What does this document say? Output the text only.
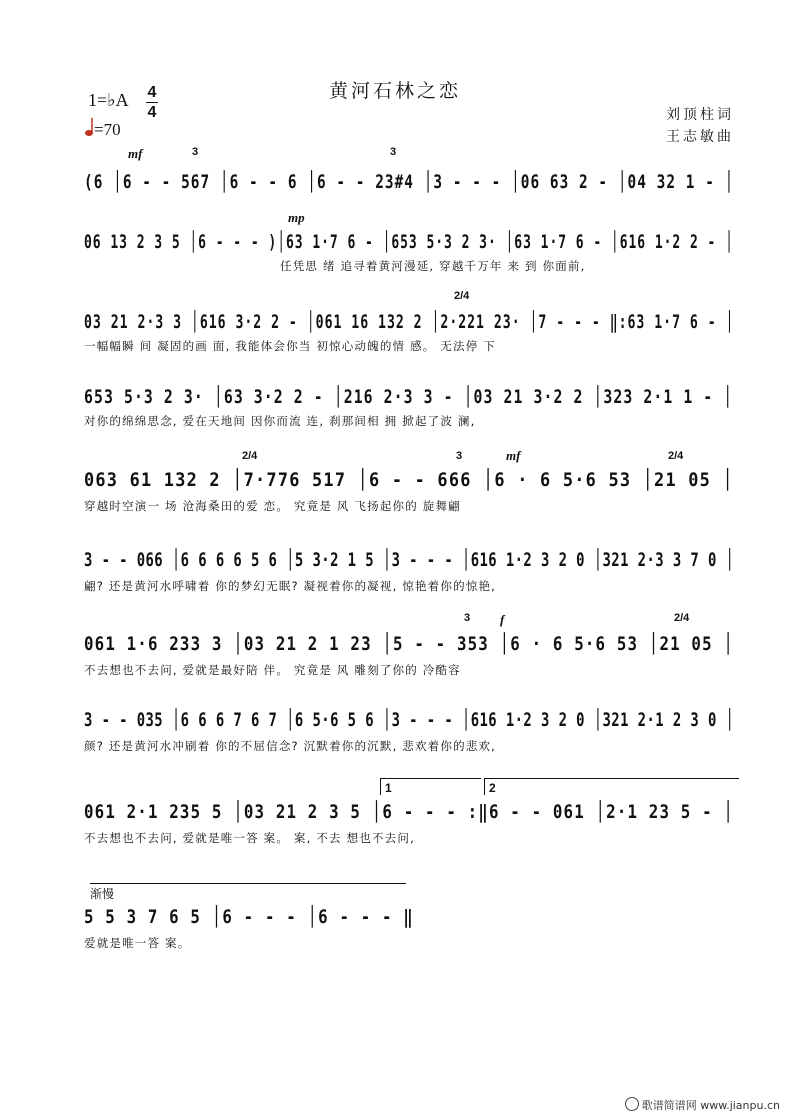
黄河石林之恋
刘顶柱词
王志敏曲
1=♭A 4
4
=70
mf	3	3
(6 │6 - - 567 │6 - - 6 │6 - - 23#4 │3 - - - │06 63 2 - │04 32 1 - │
mp
06 13 2 3 5 │6 - - - )│63 1·7 6 - │653 5·3 2 3· │63 1·7 6 - │616 1·2 2 - │
任凭思 绪 追寻着黄河漫延, 穿越千万年 来 到 你面前,
2/4
03 21 2·3 3 │616 3·2 2 - │061 16 132 2 │2·221 23· │7 - - - ‖:63 1·7 6 - │
一幅幅瞬 间 凝固的画 面, 我能体会你当 初惊心动魄的情 感。 无法停 下
653 5·3 2 3· │63 3·2 2 - │216 2·3 3 - │03 21 3·2 2 │323 2·1 1 - │
对你的绵绵思念, 爱在天地间 因你而流 连, 刹那间相 拥 掀起了波 澜,
2/4	3	mf	2/4
063 61 132 2 │7·776 517 │6 - - 666 │6 · 6 5·6 53 │21 05 │
穿越时空演一 场 沧海桑田的爱 恋。 究竟是 风 飞扬起你的 旋舞翩
3 - - 066 │6 6 6 6 5 6 │5 3·2 1 5 │3 - - - │616 1·2 3 2 0 │321 2·3 3 7 0 │
翩? 还是黄河水呼啸着 你的梦幻无眠? 凝视着你的凝视, 惊艳着你的惊艳,
3 f	2/4
061 1·6 233 3 │03 21 2 1 23 │5 - - 353 │6 · 6 5·6 53 │21 05 │
不去想也不去问, 爱就是最好陪 伴。 究竟是 风 雕刻了你的 冷酷容
3 - - 035 │6 6 6 7 6 7 │6 5·6 5 6 │3 - - - │616 1·2 3 2 0 │321 2·1 2 3 0 │
颜? 还是黄河水冲刷着 你的不屈信念? 沉默着你的沉默, 悲欢着你的悲欢,
1	2
061 2·1 235 5 │03 21 2 3 5 │6 - - - :‖6 - - 061 │2·1 23 5 - │
不去想也不去问, 爱就是唯一答 案。 案, 不去 想也不去问,
渐慢
5 5 3 7 6 5 │6 - - - │6 - - - ‖
爱就是唯一答 案。
歌谱简谱网 www.jianpu.cn
